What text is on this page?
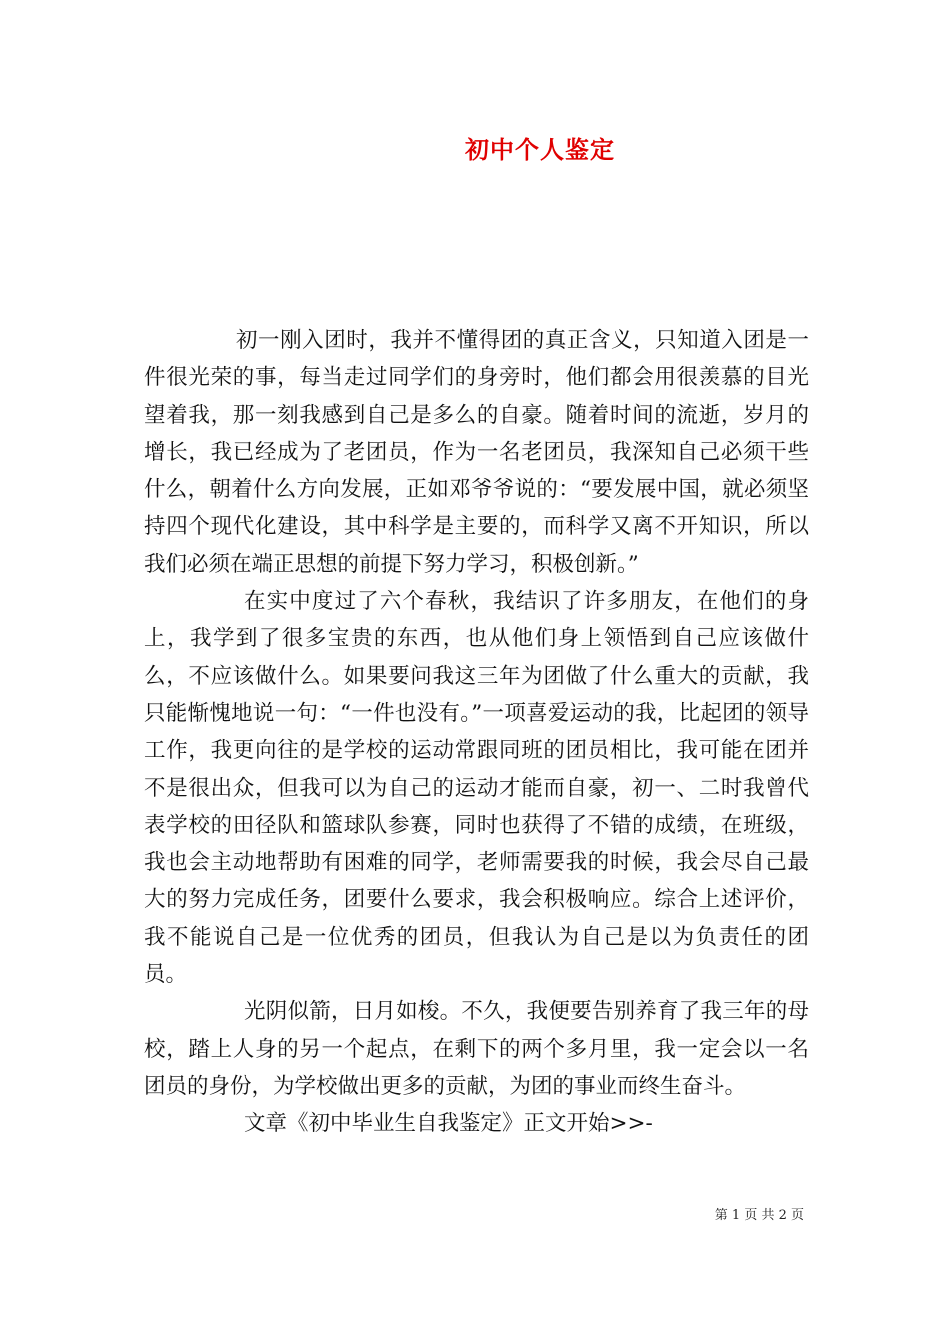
初中个人鉴定

初一刚入团时，我并不懂得团的真正含义，只知道入团是一件很光荣的事，每当走过同学们的身旁时，他们都会用很羡慕的目光望着我，那一刻我感到自己是多么的自豪。随着时间的流逝，岁月的增长，我已经成为了老团员，作为一名老团员，我深知自己必须干些什么，朝着什么方向发展，正如邓爷爷说的：“要发展中国，就必须坚持四个现代化建设，其中科学是主要的，而科学又离不开知识，所以我们必须在端正思想的前提下努力学习，积极创新。”

在实中度过了六个春秋，我结识了许多朋友，在他们的身上，我学到了很多宝贵的东西，也从他们身上领悟到自己应该做什么，不应该做什么。如果要问我这三年为团做了什么重大的贡献，我只能惭愧地说一句：“一件也没有。”一项喜爱运动的我，比起团的领导工作，我更向往的是学校的运动常跟同班的团员相比，我可能在团并不是很出众，但我可以为自己的运动才能而自豪，初一、二时我曾代表学校的田径队和篮球队参赛，同时也获得了不错的成绩，在班级，我也会主动地帮助有困难的同学，老师需要我的时候，我会尽自己最大的努力完成任务，团要什么要求，我会积极响应。综合上述评价，我不能说自己是一位优秀的团员，但我认为自己是以为负责任的团员。

光阴似箭，日月如梭。不久，我便要告别养育了我三年的母校，踏上人身的另一个起点，在剩下的两个多月里，我一定会以一名团员的身份，为学校做出更多的贡献，为团的事业而终生奋斗。

文章《初中毕业生自我鉴定》正文开始>>-

第 1 页 共 2 页
